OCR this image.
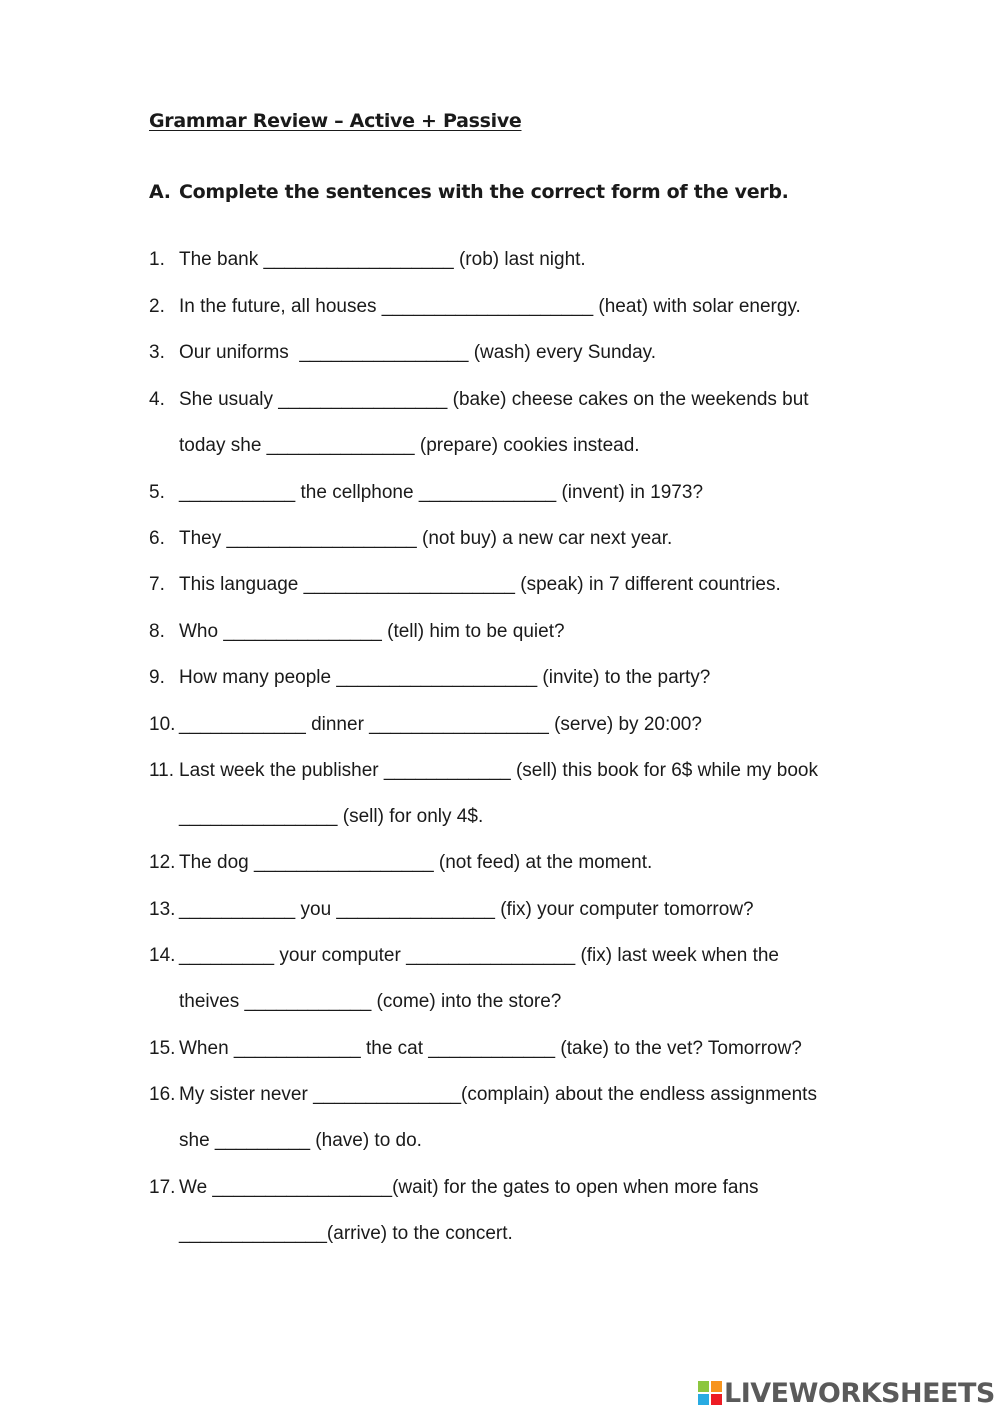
Grammar Review – Active + Passive
A. Complete the sentences with the correct form of the verb.
1. The bank __________________ (rob) last night.
2. In the future, all houses ____________________ (heat) with solar energy.
3. Our uniforms  ________________ (wash) every Sunday.
4. She usualy ________________ (bake) cheese cakes on the weekends but
today she ______________ (prepare) cookies instead.
5. ___________ the cellphone _____________ (invent) in 1973?
6. They __________________ (not buy) a new car next year.
7. This language ____________________ (speak) in 7 different countries.
8. Who _______________ (tell) him to be quiet?
9. How many people ___________________ (invite) to the party?
10. ____________ dinner _________________ (serve) by 20:00?
11. Last week the publisher ____________ (sell) this book for 6$ while my book
_______________ (sell) for only 4$.
12. The dog _________________ (not feed) at the moment.
13. ___________ you _______________ (fix) your computer tomorrow?
14. _________ your computer ________________ (fix) last week when the
theives ____________ (come) into the store?
15. When ____________ the cat ____________ (take) to the vet? Tomorrow?
16. My sister never ______________(complain) about the endless assignments
she _________ (have) to do.
17. We _________________(wait) for the gates to open when more fans
______________(arrive) to the concert.
LIVEWORKSHEETS
